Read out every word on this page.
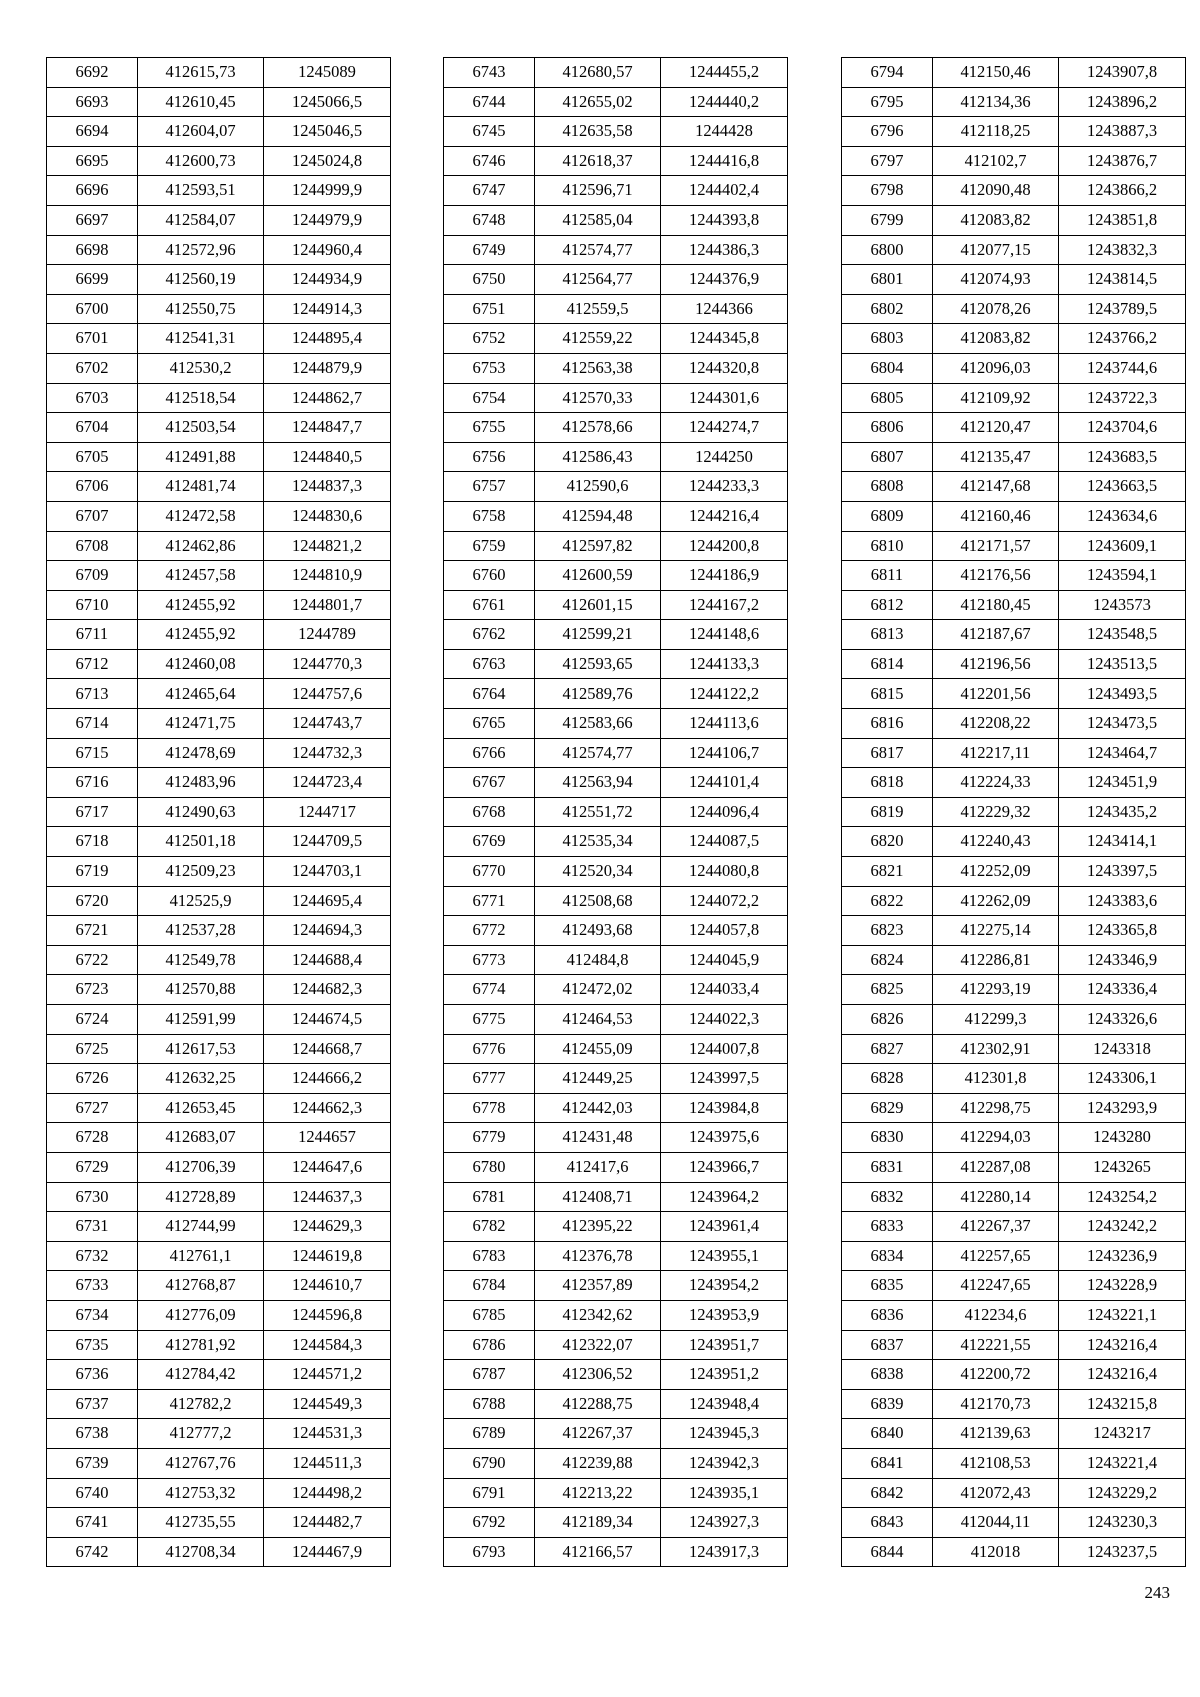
6692	412615,73	1245089
6693	412610,45	1245066,5
6694	412604,07	1245046,5
6695	412600,73	1245024,8
6696	412593,51	1244999,9
6697	412584,07	1244979,9
6698	412572,96	1244960,4
6699	412560,19	1244934,9
6700	412550,75	1244914,3
6701	412541,31	1244895,4
6702	412530,2	1244879,9
6703	412518,54	1244862,7
6704	412503,54	1244847,7
6705	412491,88	1244840,5
6706	412481,74	1244837,3
6707	412472,58	1244830,6
6708	412462,86	1244821,2
6709	412457,58	1244810,9
6710	412455,92	1244801,7
6711	412455,92	1244789
6712	412460,08	1244770,3
6713	412465,64	1244757,6
6714	412471,75	1244743,7
6715	412478,69	1244732,3
6716	412483,96	1244723,4
6717	412490,63	1244717
6718	412501,18	1244709,5
6719	412509,23	1244703,1
6720	412525,9	1244695,4
6721	412537,28	1244694,3
6722	412549,78	1244688,4
6723	412570,88	1244682,3
6724	412591,99	1244674,5
6725	412617,53	1244668,7
6726	412632,25	1244666,2
6727	412653,45	1244662,3
6728	412683,07	1244657
6729	412706,39	1244647,6
6730	412728,89	1244637,3
6731	412744,99	1244629,3
6732	412761,1	1244619,8
6733	412768,87	1244610,7
6734	412776,09	1244596,8
6735	412781,92	1244584,3
6736	412784,42	1244571,2
6737	412782,2	1244549,3
6738	412777,2	1244531,3
6739	412767,76	1244511,3
6740	412753,32	1244498,2
6741	412735,55	1244482,7
6742	412708,34	1244467,9
6743	412680,57	1244455,2
6744	412655,02	1244440,2
6745	412635,58	1244428
6746	412618,37	1244416,8
6747	412596,71	1244402,4
6748	412585,04	1244393,8
6749	412574,77	1244386,3
6750	412564,77	1244376,9
6751	412559,5	1244366
6752	412559,22	1244345,8
6753	412563,38	1244320,8
6754	412570,33	1244301,6
6755	412578,66	1244274,7
6756	412586,43	1244250
6757	412590,6	1244233,3
6758	412594,48	1244216,4
6759	412597,82	1244200,8
6760	412600,59	1244186,9
6761	412601,15	1244167,2
6762	412599,21	1244148,6
6763	412593,65	1244133,3
6764	412589,76	1244122,2
6765	412583,66	1244113,6
6766	412574,77	1244106,7
6767	412563,94	1244101,4
6768	412551,72	1244096,4
6769	412535,34	1244087,5
6770	412520,34	1244080,8
6771	412508,68	1244072,2
6772	412493,68	1244057,8
6773	412484,8	1244045,9
6774	412472,02	1244033,4
6775	412464,53	1244022,3
6776	412455,09	1244007,8
6777	412449,25	1243997,5
6778	412442,03	1243984,8
6779	412431,48	1243975,6
6780	412417,6	1243966,7
6781	412408,71	1243964,2
6782	412395,22	1243961,4
6783	412376,78	1243955,1
6784	412357,89	1243954,2
6785	412342,62	1243953,9
6786	412322,07	1243951,7
6787	412306,52	1243951,2
6788	412288,75	1243948,4
6789	412267,37	1243945,3
6790	412239,88	1243942,3
6791	412213,22	1243935,1
6792	412189,34	1243927,3
6793	412166,57	1243917,3
6794	412150,46	1243907,8
6795	412134,36	1243896,2
6796	412118,25	1243887,3
6797	412102,7	1243876,7
6798	412090,48	1243866,2
6799	412083,82	1243851,8
6800	412077,15	1243832,3
6801	412074,93	1243814,5
6802	412078,26	1243789,5
6803	412083,82	1243766,2
6804	412096,03	1243744,6
6805	412109,92	1243722,3
6806	412120,47	1243704,6
6807	412135,47	1243683,5
6808	412147,68	1243663,5
6809	412160,46	1243634,6
6810	412171,57	1243609,1
6811	412176,56	1243594,1
6812	412180,45	1243573
6813	412187,67	1243548,5
6814	412196,56	1243513,5
6815	412201,56	1243493,5
6816	412208,22	1243473,5
6817	412217,11	1243464,7
6818	412224,33	1243451,9
6819	412229,32	1243435,2
6820	412240,43	1243414,1
6821	412252,09	1243397,5
6822	412262,09	1243383,6
6823	412275,14	1243365,8
6824	412286,81	1243346,9
6825	412293,19	1243336,4
6826	412299,3	1243326,6
6827	412302,91	1243318
6828	412301,8	1243306,1
6829	412298,75	1243293,9
6830	412294,03	1243280
6831	412287,08	1243265
6832	412280,14	1243254,2
6833	412267,37	1243242,2
6834	412257,65	1243236,9
6835	412247,65	1243228,9
6836	412234,6	1243221,1
6837	412221,55	1243216,4
6838	412200,72	1243216,4
6839	412170,73	1243215,8
6840	412139,63	1243217
6841	412108,53	1243221,4
6842	412072,43	1243229,2
6843	412044,11	1243230,3
6844	412018	1243237,5
243
